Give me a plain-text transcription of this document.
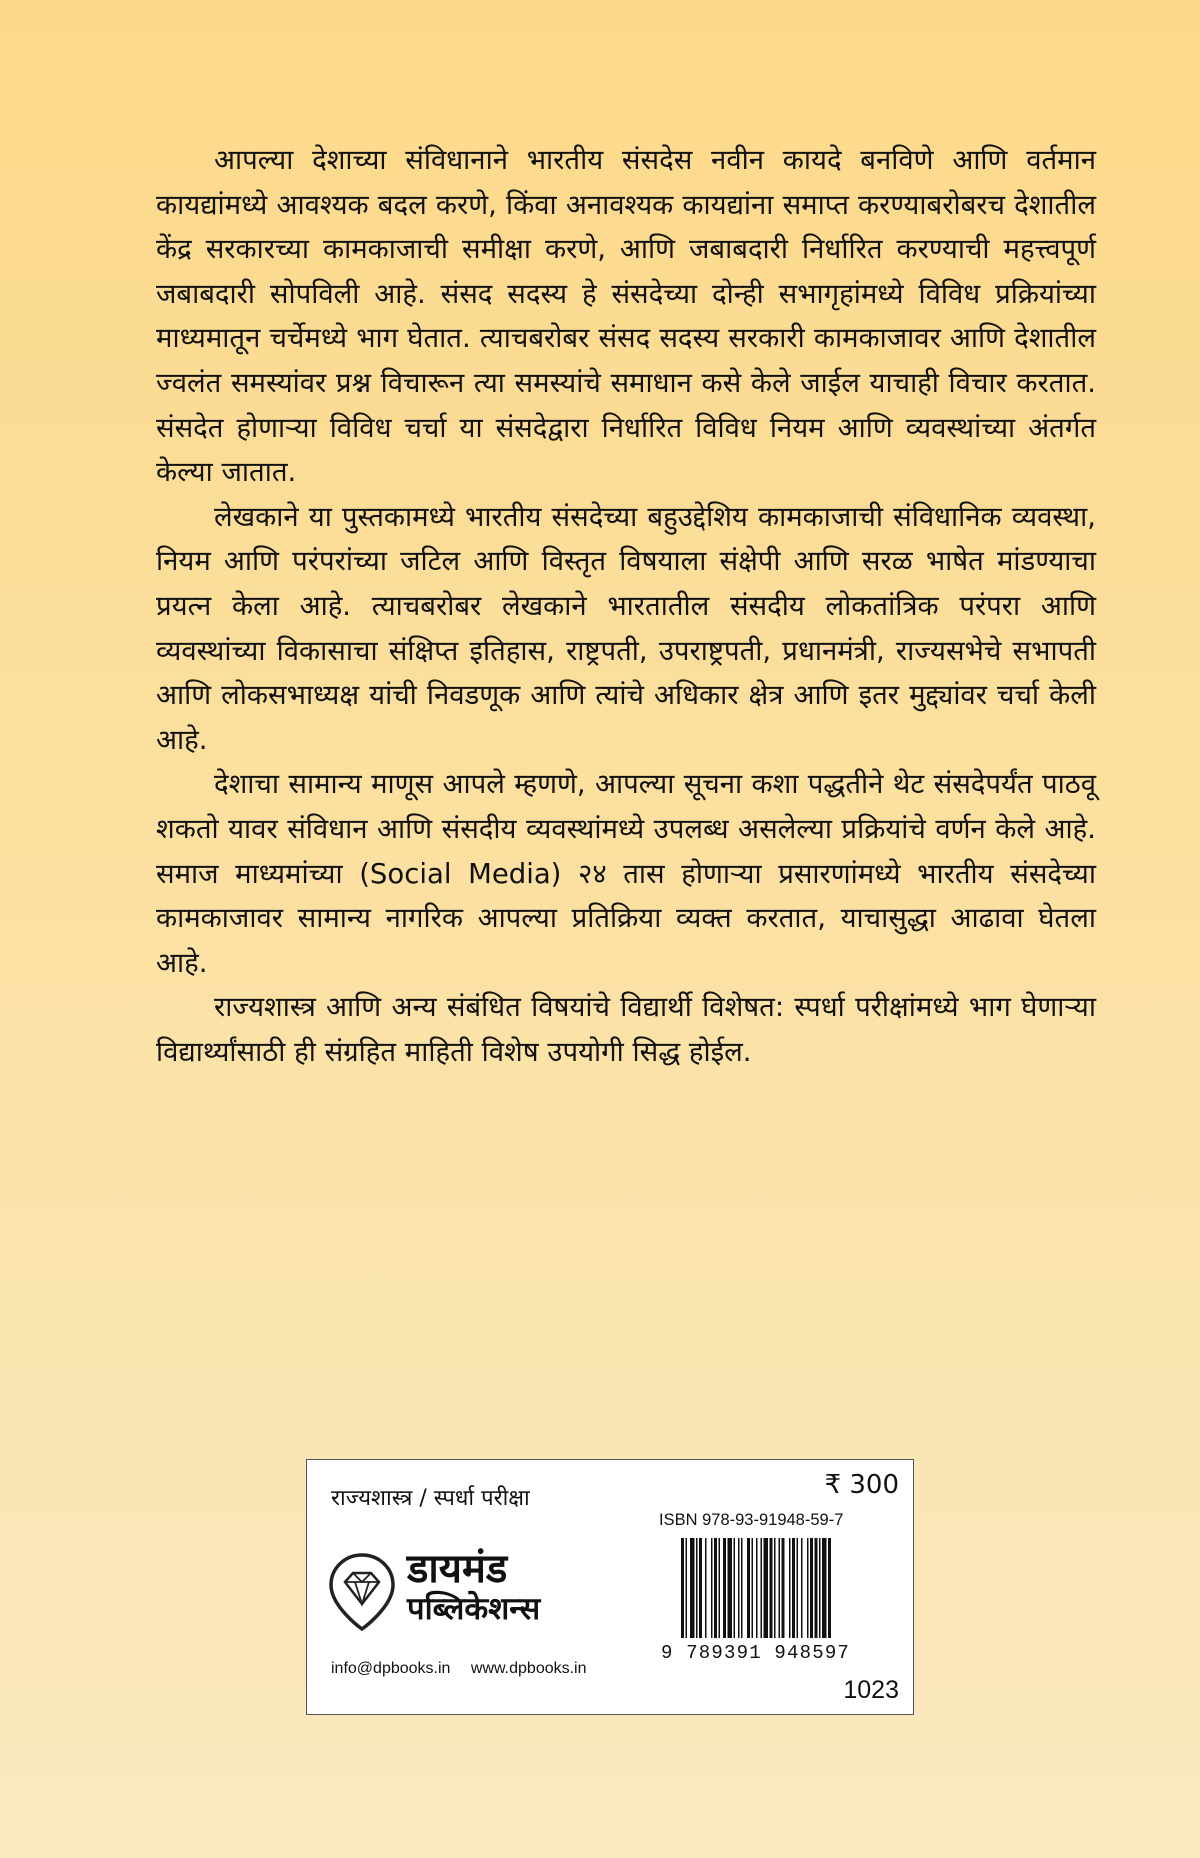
आपल्या देशाच्या संविधानाने भारतीय संसदेस नवीन कायदे बनविणे आणि वर्तमान कायद्यांमध्ये आवश्यक बदल करणे, किंवा अनावश्यक कायद्यांना समाप्त करण्याबरोबरच देशातील केंद्र सरकारच्या कामकाजाची समीक्षा करणे, आणि जबाबदारी निर्धारित करण्याची महत्त्वपूर्ण जबाबदारी सोपविली आहे. संसद सदस्य हे संसदेच्या दोन्ही सभागृहांमध्ये विविध प्रक्रियांच्या माध्यमातून चर्चेमध्ये भाग घेतात. त्याचबरोबर संसद सदस्य सरकारी कामकाजावर आणि देशातील ज्वलंत समस्यांवर प्रश्न विचारून त्या समस्यांचे समाधान कसे केले जाईल याचाही विचार करतात. संसदेत होणाऱ्या विविध चर्चा या संसदेद्वारा निर्धारित विविध नियम आणि व्यवस्थांच्या अंतर्गत केल्या जातात.

लेखकाने या पुस्तकामध्ये भारतीय संसदेच्या बहुउद्देशिय कामकाजाची संविधानिक व्यवस्था, नियम आणि परंपरांच्या जटिल आणि विस्तृत विषयाला संक्षेपी आणि सरळ भाषेत मांडण्याचा प्रयत्न केला आहे. त्याचबरोबर लेखकाने भारतातील संसदीय लोकतांत्रिक परंपरा आणि व्यवस्थांच्या विकासाचा संक्षिप्त इतिहास, राष्ट्रपती, उपराष्ट्रपती, प्रधानमंत्री, राज्यसभेचे सभापती आणि लोकसभाध्यक्ष यांची निवडणूक आणि त्यांचे अधिकार क्षेत्र आणि इतर मुद्द्यांवर चर्चा केली आहे.

देशाचा सामान्य माणूस आपले म्हणणे, आपल्या सूचना कशा पद्धतीने थेट संसदेपर्यंत पाठवू शकतो यावर संविधान आणि संसदीय व्यवस्थांमध्ये उपलब्ध असलेल्या प्रक्रियांचे वर्णन केले आहे. समाज माध्यमांच्या (Social Media) २४ तास होणाऱ्या प्रसारणांमध्ये भारतीय संसदेच्या कामकाजावर सामान्य नागरिक आपल्या प्रतिक्रिया व्यक्त करतात, याचासुद्धा आढावा घेतला आहे.

राज्यशास्त्र आणि अन्य संबंधित विषयांचे विद्यार्थी विशेषत: स्पर्धा परीक्षांमध्ये भाग घेणाऱ्या विद्यार्थ्यांसाठी ही संग्रहित माहिती विशेष उपयोगी सिद्ध होईल.

राज्यशास्त्र / स्पर्धा परीक्षा	₹ 300
ISBN 978-93-91948-59-7
9 789391 948597
डायमंड
पब्लिकेशन्स
info@dpbooks.in www.dpbooks.in
1023
